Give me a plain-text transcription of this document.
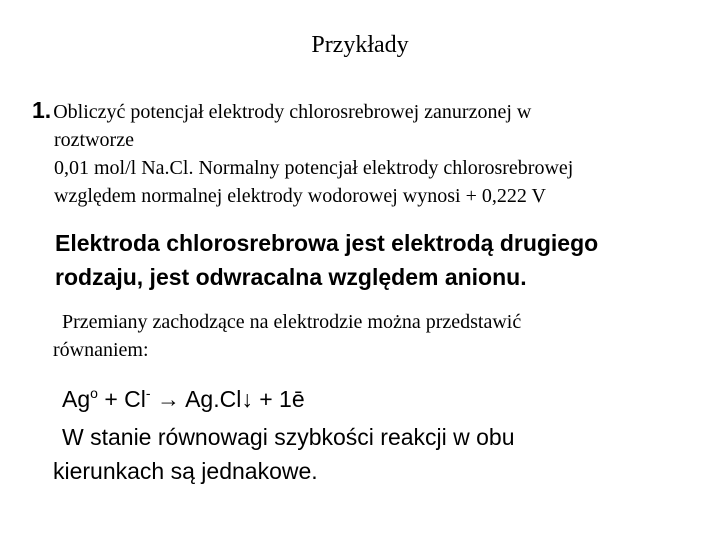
Przykłady
1. Obliczyć potencjał elektrody chlorosrebrowej zanurzonej w
roztworze
0,01 mol/l Na.Cl. Normalny potencjał elektrody chlorosrebrowej
względem normalnej elektrody wodorowej wynosi + 0,222 V
Elektroda chlorosrebrowa jest elektrodą drugiego
rodzaju, jest odwracalna względem anionu.
Przemiany zachodzące na elektrodzie można przedstawić
równaniem:
$Ag^o + Cl^-$ → Ag.Cl↓ + 1ē
W stanie równowagi szybkości reakcji w obu
kierunkach są jednakowe.
